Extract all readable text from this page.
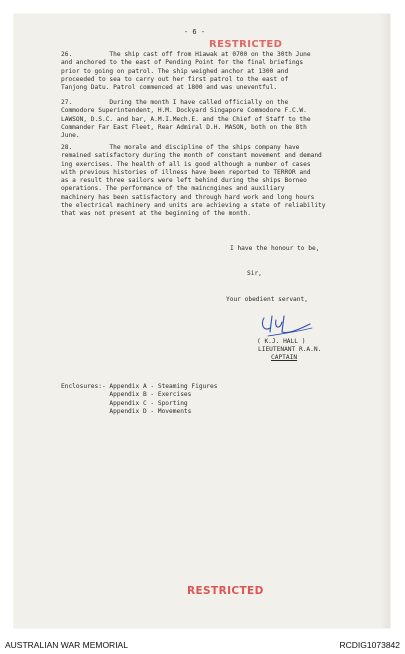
- 6 -
RESTRICTED
26.          The ship cast off from Hiawak at 0700 on the 30th June
and anchored to the east of Pending Point for the final briefings
prior to going on patrol. The ship weighed anchor at 1300 and
proceeded to sea to carry out her first patrol to the east of
Tanjong Datu. Patrol commenced at 1800 and was uneventful.
27.          During the month I have called officially on the
Commodore Superintendent, H.M. Dockyard Singapore Commodore F.C.W.
LAWSON, D.S.C. and bar, A.M.I.Mech.E. and the Chief of Staff to the
Commander Far East Fleet, Rear Admiral D.H. MASON, both on the 8th
June.
28.          The morale and discipline of the ships company have
remained satisfactory during the month of constant movement and demand
ing exercises. The health of all is good although a number of cases
with previous histories of illness have been reported to TERROR and
as a result three sailors were left behind during the ships Borneo
operations. The performance of the maincngines and auxiliary
machinery has been satisfactory and through hard work and long hours
the electrical machinery and units are achieving a state of reliability
that was not present at the beginning of the month.
I have the honour to be,
Sir,
Your obedient servant,
( K.J. HALL )
LIEUTENANT R.A.N.
CAPTAIN
Enclosures:- Appendix A - Steaming Figures
Appendix B - Exercises
Appendix C - Sporting
Appendix D - Movements
RESTRICTED
AUSTRALIAN WAR MEMORIAL	RCDIG1073842
